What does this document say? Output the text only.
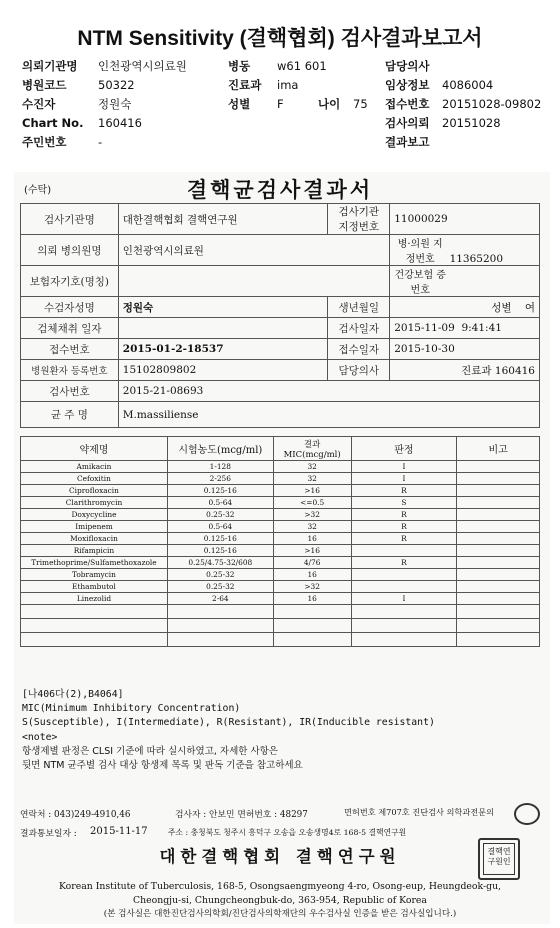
NTM Sensitivity (결핵협회) 검사결과보고서
의뢰기관명 인천광역시의료원	병동 w61 601	담당의사
병원코드	50322	진료과 ima	임상정보 4086004
수진자	정원숙	성별 F	나이 75 접수번호 20151028-09802
Chart No. 160416	검사의뢰 20151028
주민번호	-	결과보고
(수탁)	결핵균검사결과서
검사기관명	대한결핵협회 결핵연구원	검사기관 지정번호	11000029
의뢰 병의원명	인천광역시의료원		병·의원 지정번호 11365200
보험자기호(명칭)			건강보험 증번호
수검자성명	정원숙	생년월일	성별 여
검체채취 일자		검사일자	2015-11-09 9:41:41
접수번호	2015-01-2-18537	접수일자	2015-10-30
병원환자 등록번호	15102809802	담당의사	진료과 160416
검사번호	2015-21-08693		
균 주 명	M.massiliense		
약제명	시험농도(mcg/ml)	결과 MIC(mcg/ml)	판정	비고
Amikacin	1-128	32	I	
Cefoxitin	2-256	32	I	
Ciprofloxacin	0.125-16	>16	R	
Clarithromycin	0.5-64	<=0.5	S	
Doxycycline	0.25-32	>32	R	
Imipenem	0.5-64	32	R	
Moxifloxacin	0.125-16	16	R	
Rifampicin	0.125-16	>16		
Trimethoprime/Sulfamethoxazole	0.25/4.75-32/608	4/76	R	
Tobramycin	0.25-32	16		
Ethambutol	0.25-32	>32		
Linezolid	2-64	16	I	

[나406다(2),B4064]
MIC(Minimum Inhibitory Concentration)
S(Susceptible), I(Intermediate), R(Resistant), IR(Inducible resistant)
<note>
항생제별 판정은 CLSI 기준에 따라 실시하였고, 자세한 사항은
뒷면 NTM 균주별 검사 대상 항생제 목록 및 판독 기준을 참고하세요
연락처 : 043)249-4910,46	검사자 : 안보민 면허번호 : 48297	면허번호 제707호 진단검사 의학과전문의
결과통보일자 : 2015-11-17	주소 : 충청북도 청주시 흥덕구 오송읍 오송생명4로 168-5 결핵연구원
대한결핵협회 결핵연구원	결핵연구원인
Korean Institute of Tuberculosis, 168-5, Osongsaengmyeong 4-ro, Osong-eup, Heungdeok-gu,
Cheongju-si, Chungcheongbuk-do, 363-954, Republic of Korea
(본 검사실은 대한진단검사의학회/진단검사의학재단의 우수검사실 인증을 받은 검사실입니다.)
